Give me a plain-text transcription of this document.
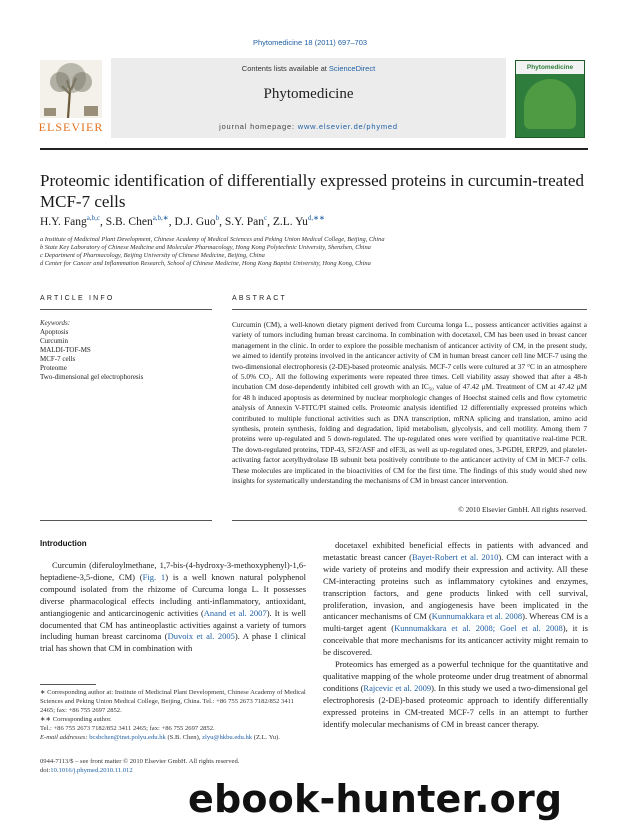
Phytomedicine 18 (2011) 697–703
Contents lists available at ScienceDirect
Phytomedicine
journal homepage: www.elsevier.de/phymed
ELSEVIER
Phytomedicine
Proteomic identification of differentially expressed proteins in curcumin-treated MCF-7 cells
H.Y. Fang$^{a,b,c}$, S.B. Chen$^{a,b,∗}$, D.J. Guo$^b$, S.Y. Pan$^c$, Z.L. $Yu^{d,∗∗}$
a Institute of Medicinal Plant Development, Chinese Academy of Medical Sciences and Peking Union Medical College, Beijing, China
b State Key Laboratory of Chinese Medicine and Molecular Pharmacology, Hong Kong Polytechnic University, Shenzhen, China
c Department of Pharmacology, Beijing University of Chinese Medicine, Beijing, China
d Center for Cancer and Inflammation Research, School of Chinese Medicine, Hong Kong Baptist University, Hong Kong, China
ARTICLE INFO
Keywords:
Apoptosis
Curcumin
MALDI-TOF-MS
MCF-7 cells
Proteome
Two-dimensional gel electrophoresis
ABSTRACT
Curcumin (CM), a well-known dietary pigment derived from Curcuma longa L., possess anticancer activities against a variety of tumors including human breast carcinoma. In combination with docetaxel, CM has been used in breast cancer management in the clinic. In order to explore the possible mechanism of anticancer activity of CM, in the present study, we aimed to identify proteins involved in the anticancer activity of CM in human breast cancer cell line MCF-7 using the two-dimensional electrophoresis (2-DE)-based proteomic analysis. MCF-7 cells were cultured at 37 °C in an atmosphere of 5.0% CO₂. All the following experiments were repeated three times. Cell viability assay showed that after a 48-h incubation CM dose-dependently inhibited cell growth with an IC₅₀ value of 47.42 μM. Treatment of CM at 47.42 μM for 48 h induced apoptosis as determined by nuclear morphologic changes of Hoechst stained cells and flow cytometric analysis of Annexin V-FITC/PI stained cells. Proteomic analysis identified 12 differentially expressed proteins which contributed to multiple functional activities such as DNA transcription, mRNA splicing and translation, amino acid synthesis, protein synthesis, folding and degradation, lipid metabolism, glycolysis, and cell motility. Among them 7 proteins were up-regulated and 5 down-regulated. The up-regulated ones were verified by quantitative real-time PCR. The down-regulated proteins, TDP-43, SF2/ASF and eIF3i, as well as up-regulated ones, 3-PGDH, ERP29, and platelet-activating factor acetylhydrolase IB subunit beta positively contribute to the anticancer activity of CM in MCF-7 cells. These molecules are implicated in the bioactivities of CM for the first time. The findings of this study would shed new insights for systematically understanding the mechanisms of CM in breast cancer intervention.
© 2010 Elsevier GmbH. All rights reserved.
Introduction

Curcumin (diferuloylmethane, 1,7-bis-(4-hydroxy-3-methoxyphenyl)-1,6-heptadiene-3,5-dione, CM) (Fig. 1) is a well known natural polyphenol compound isolated from the rhizome of Curcuma longa L. It possesses diverse pharmacological effects including anti-inflammatory, antioxidant, antiangiogenic and anticarcinogenic activities (Anand et al. 2007). It is well documented that CM has antineoplastic activities against a variety of tumors including human breast carcinoma (Duvoix et al. 2005). A phase I clinical trial has shown that CM in combination with

docetaxel exhibited beneficial effects in patients with advanced and metastatic breast cancer (Bayet-Robert et al. 2010). CM can interact with a wide variety of proteins and modify their expression and activity. All these CM-interacting proteins such as inflammatory cytokines and enzymes, transcription factors, and gene products linked with cell survival, proliferation, invasion, and angiogenesis have been implicated in the anticancer mechanisms of CM (Kunnumakkara et al. 2008). Whereas CM is a multi-target agent (Kunnumakkara et al. 2008; Goel et al. 2008), it is conceivable that more mechanisms for its anticancer activity might remain to be discovered.

Proteomics has emerged as a powerful technique for the quantitative and qualitative mapping of the whole proteome under drug treatment of abnormal conditions (Rajcevic et al. 2009). In this study we used a two-dimensional gel electrophoresis (2-DE)-based proteomic approach to identify differentially expressed proteins in CM-treated MCF-7 cells in an attempt to further identify molecular mechanisms of CM in breast cancer therapy.

∗ Corresponding author at: Institute of Medicinal Plant Development, Chinese Academy of Medical Sciences and Peking Union Medical College, Beijing, China. Tel.: +86 755 2673 7182/852 3411 2465; fax: +86 755 2697 2852.
∗∗ Corresponding author.
Tel.: +86 755 2673 7182/852 3411 2465; fax: +86 755 2697 2852.
E-mail addresses: bcsbchen@inet.polyu.edu.hk (S.B. Chen), zlyu@hkbu.edu.hk (Z.L. Yu).
0944-7113/$ – see front matter © 2010 Elsevier GmbH. All rights reserved.
doi:10.1016/j.phymed.2010.11.012
ebook-hunter.org
